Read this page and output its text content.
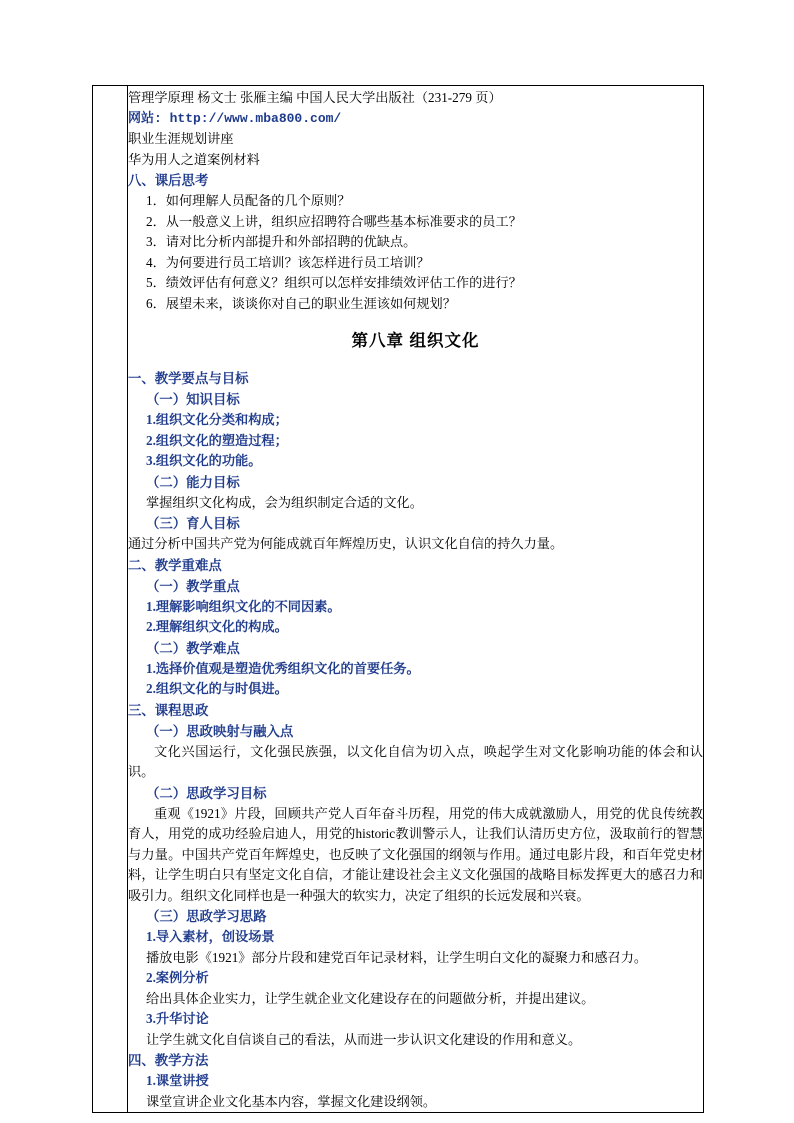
管理学原理 杨文士 张雁主编 中国人民大学出版社（231-279 页）

网站: http://www.mba800.com/

职业生涯规划讲座

华为用人之道案例材料

八、课后思考

1．如何理解人员配备的几个原则？

2．从一般意义上讲，组织应招聘符合哪些基本标准要求的员工？

3．请对比分析内部提升和外部招聘的优缺点。

4．为何要进行员工培训？该怎样进行员工培训？

5．绩效评估有何意义？组织可以怎样安排绩效评估工作的进行？

6．展望未来，谈谈你对自己的职业生涯该如何规划？

第八章 组织文化

一、教学要点与目标

（一）知识目标

1.组织文化分类和构成；

2.组织文化的塑造过程；

3.组织文化的功能。

（二）能力目标

掌握组织文化构成，会为组织制定合适的文化。

（三）育人目标

通过分析中国共产党为何能成就百年辉煌历史，认识文化自信的持久力量。

二、教学重难点

（一）教学重点

1.理解影响组织文化的不同因素。

2.理解组织文化的构成。

（二）教学难点

1.选择价值观是塑造优秀组织文化的首要任务。

2.组织文化的与时俱进。

三、课程思政

（一）思政映射与融入点

文化兴国运行，文化强民族强，以文化自信为切入点，唤起学生对文化影响功能的体会和认识。

（二）思政学习目标

重观《1921》片段，回顾共产党人百年奋斗历程，用党的伟大成就激励人，用党的优良传统教育人，用党的成功经验启迪人，用党的historic教训警示人，让我们认清历史方位，汲取前行的智慧与力量。中国共产党百年辉煌史，也反映了文化强国的纲领与作用。通过电影片段，和百年党史材料，让学生明白只有坚定文化自信，才能让建设社会主义文化强国的战略目标发挥更大的感召力和吸引力。组织文化同样也是一种强大的软实力，决定了组织的长远发展和兴衰。

（三）思政学习思路

1.导入素材，创设场景

播放电影《1921》部分片段和建党百年记录材料，让学生明白文化的凝聚力和感召力。

2.案例分析

给出具体企业实力，让学生就企业文化建设存在的问题做分析，并提出建议。

3.升华讨论

让学生就文化自信谈自己的看法，从而进一步认识文化建设的作用和意义。

四、教学方法

1.课堂讲授

课堂宣讲企业文化基本内容，掌握文化建设纲领。
